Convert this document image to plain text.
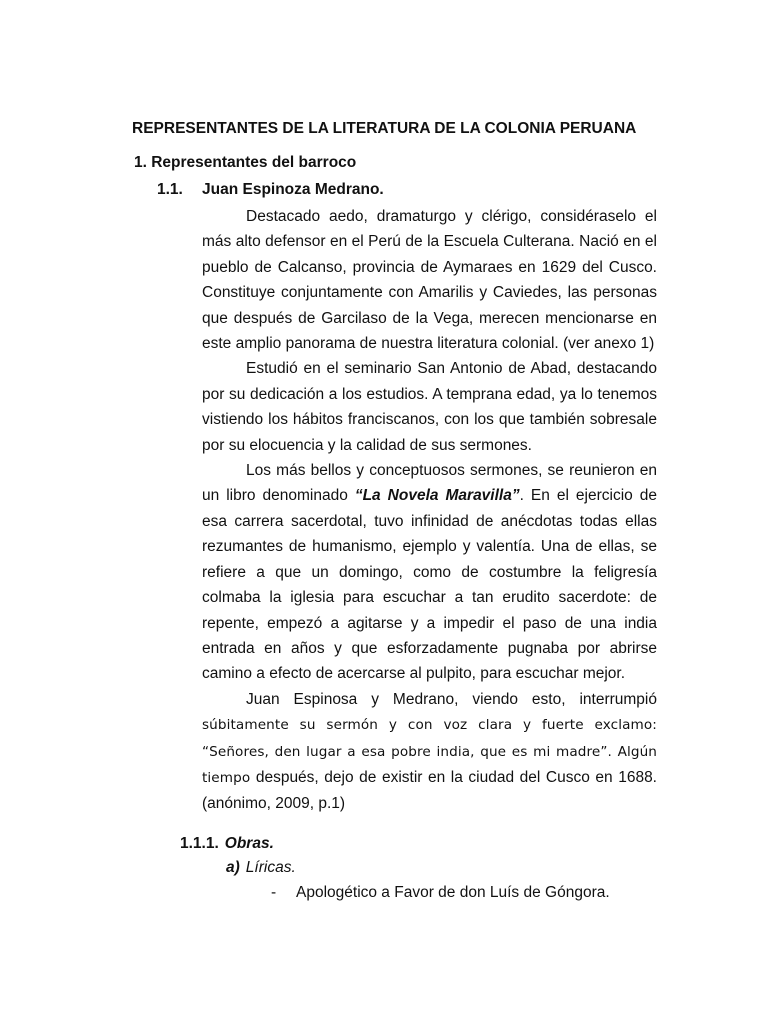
REPRESENTANTES DE LA LITERATURA DE LA COLONIA PERUANA
1. Representantes del barroco
1.1. Juan Espinoza Medrano.

Destacado aedo, dramaturgo y clérigo, considéraselo el más alto defensor en el Perú de la Escuela Culterana. Nació en el pueblo de Calcanso, provincia de Aymaraes en 1629 del Cusco. Constituye conjuntamente con Amarilis y Caviedes, las personas que después de Garcilaso de la Vega, merecen mencionarse en este amplio panorama de nuestra literatura colonial. (ver anexo 1)

Estudió en el seminario San Antonio de Abad, destacando por su dedicación a los estudios. A temprana edad, ya lo tenemos vistiendo los hábitos franciscanos, con los que también sobresale por su elocuencia y la calidad de sus sermones.

Los más bellos y conceptuosos sermones, se reunieron en un libro denominado “La Novela Maravilla”. En el ejercicio de esa carrera sacerdotal, tuvo infinidad de anécdotas todas ellas rezumantes de humanismo, ejemplo y valentía. Una de ellas, se refiere a que un domingo, como de costumbre la feligresía colmaba la iglesia para escuchar a tan erudito sacerdote: de repente, empezó a agitarse y a impedir el paso de una india entrada en años y que esforzadamente pugnaba por abrirse camino a efecto de acercarse al pulpito, para escuchar mejor.

Juan Espinosa y Medrano, viendo esto, interrumpió súbitamente su sermón y con voz clara y fuerte exclamo: “Señores, den lugar a esa pobre india, que es mi madre”. Algún tiempo después, dejo de existir en la ciudad del Cusco en 1688. (anónimo, 2009, p.1)

1.1.1. Obras.
a) Líricas.
- Apologético a Favor de don Luís de Góngora.
